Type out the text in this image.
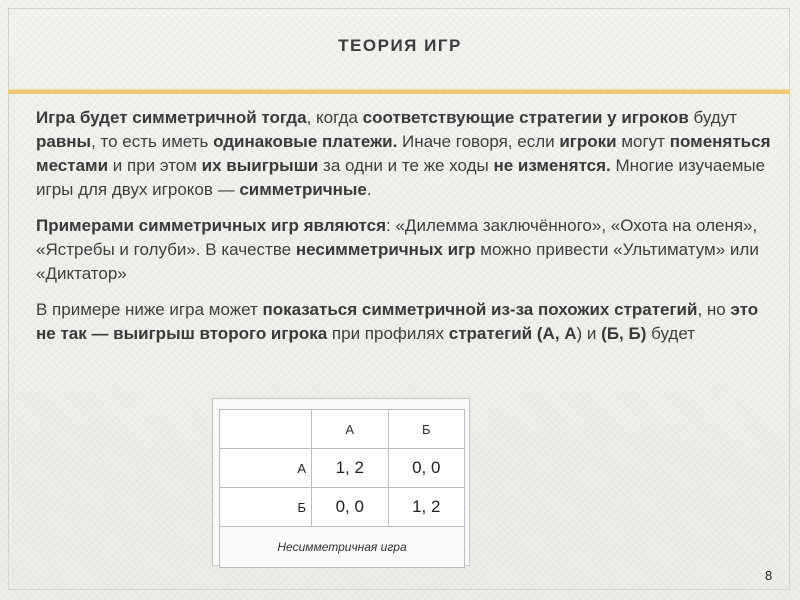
ТЕОРИЯ ИГР

Игра будет симметричной тогда, когда соответствующие стратегии у игроков будут равны, то есть иметь одинаковые платежи. Иначе говоря, если игроки могут поменяться местами и при этом их выигрыши за одни и те же ходы не изменятся. Многие изучаемые игры для двух игроков — симметричные.

Примерами симметричных игр являются: «Дилемма заключённого», «Охота на оленя», «Ястребы и голуби». В качестве несимметричных игр можно привести «Ультиматум» или «Диктатор»

В примере ниже игра может показаться симметричной из-за похожих стратегий, но это не так — выигрыш второго игрока при профилях стратегий (А, А) и (Б, Б) будет

	А	Б
А	1, 2	0, 0
Б	0, 0	1, 2
Несимметричная игра		
8
